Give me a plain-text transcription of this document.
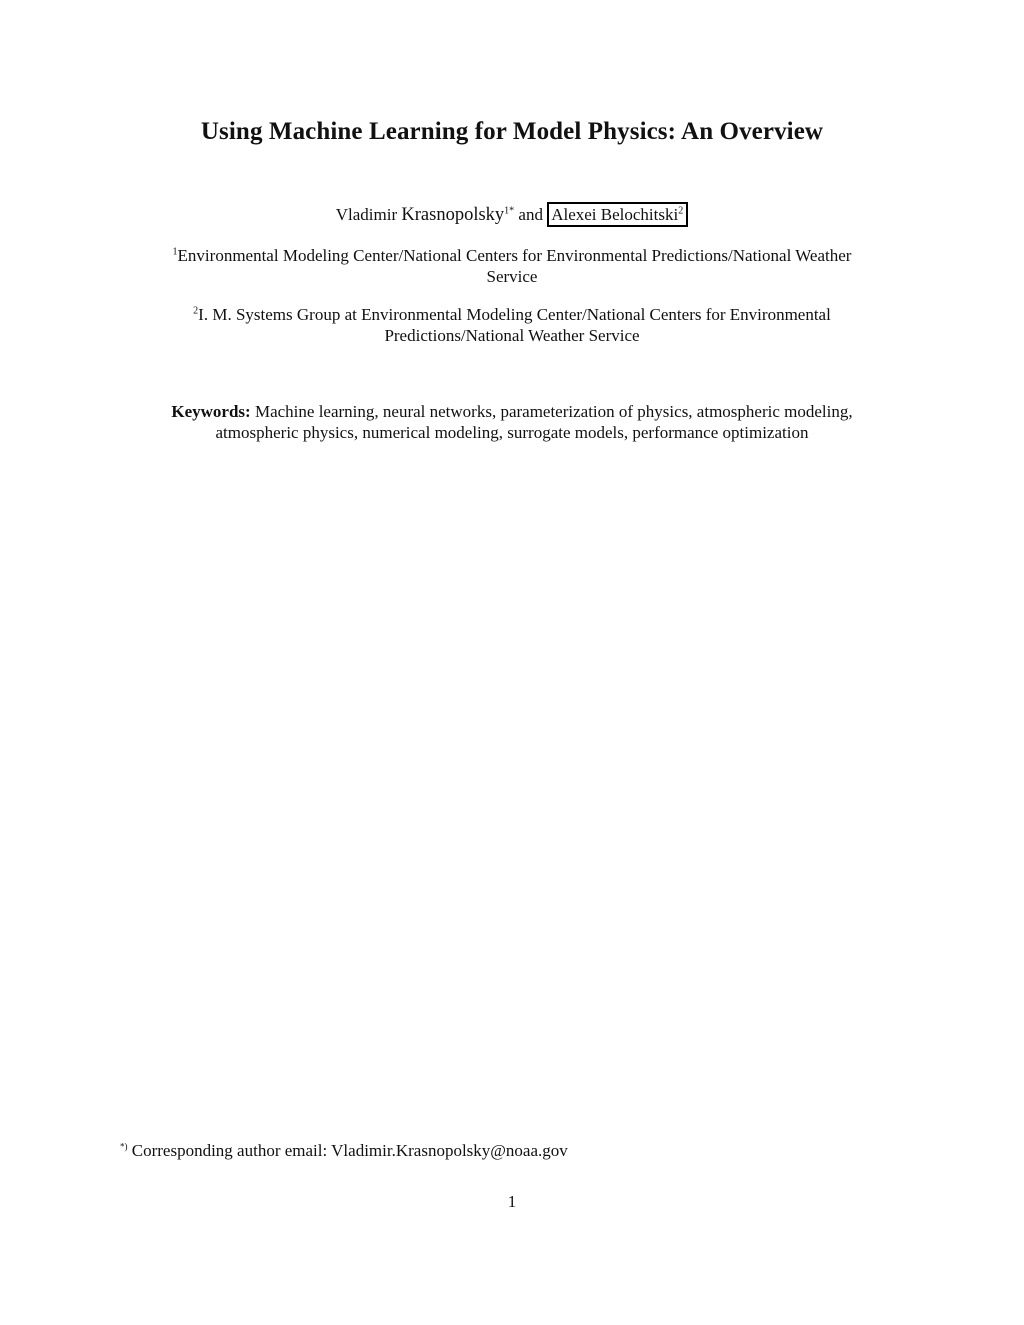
Using Machine Learning for Model Physics: An Overview
Vladimir Krasnopolsky$^{1*}$ and Alexei Belochitski$^2$
$^1$Environmental Modeling Center/National Centers for Environmental Predictions/National Weather
Service
$^2$I. M. Systems Group at Environmental Modeling Center/National Centers for Environmental
Predictions/National Weather Service
Keywords: Machine learning, neural networks, parameterization of physics, atmospheric modeling,
atmospheric physics, numerical modeling, surrogate models, performance optimization
*) Corresponding author email: Vladimir.Krasnopolsky@noaa.gov
1
